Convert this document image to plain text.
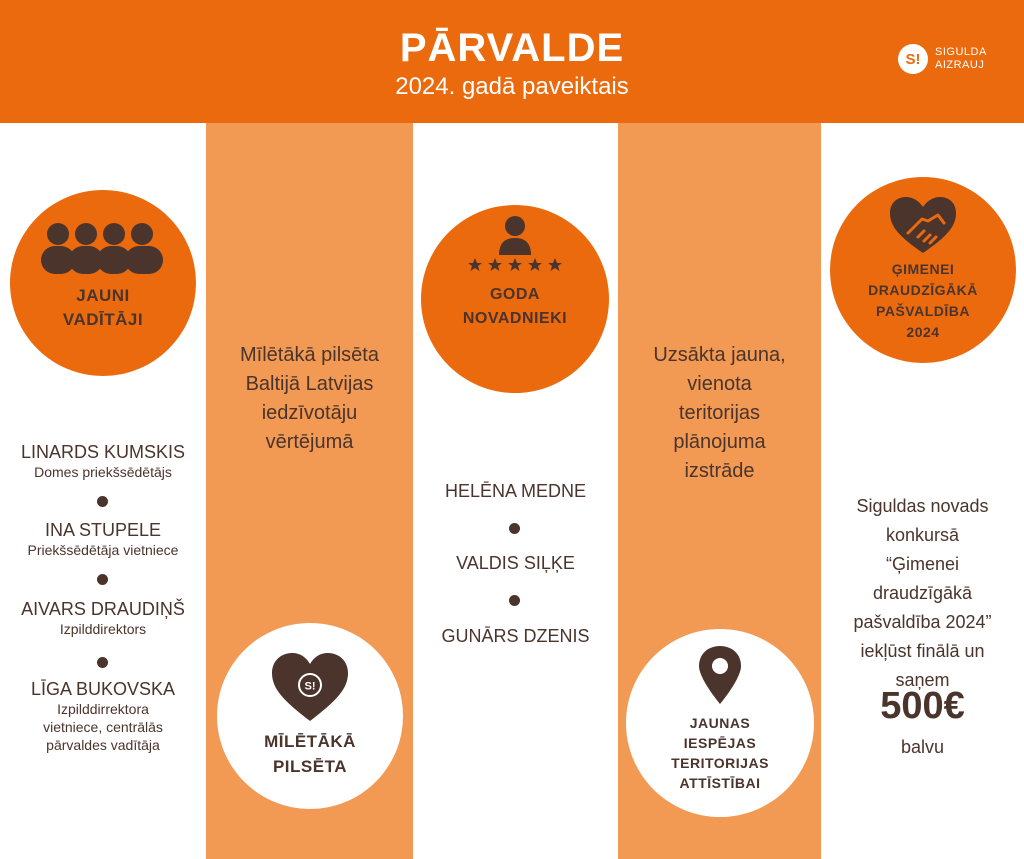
PĀRVALDE
2024. gadā paveiktais
S!	SIGULDA
AIZRAUJ
JAUNI
VADĪTĀJI
LINARDS KUMSKIS
Domes priekšsēdētājs
INA STUPELE
Priekšsēdētāja vietniece
AIVARS DRAUDIŅŠ
Izpilddirektors
LĪGA BUKOVSKA
Izpilddirrektora
vietniece, centrālās
pārvaldes vadītāja
Mīlētākā pilsēta
Baltijā Latvijas
iedzīvotāju
vērtējumā
S!
MĪLĒTĀKĀ
PILSĒTA
GODA
NOVADNIEKI
HELĒNA MEDNE
VALDIS SIĻĶE
GUNĀRS DZENIS
Uzsākta jauna,
vienota
teritorijas
plānojuma
izstrāde
JAUNAS
IESPĒJAS
TERITORIJAS
ATTĪSTĪBAI
ĢIMENEI
DRAUDZĪGĀKĀ
PAŠVALDĪBA
2024
Siguldas novads
konkursā
“Ģimenei
draudzīgākā
pašvaldība 2024”
iekļūst finālā un
saņem
500€
balvu
